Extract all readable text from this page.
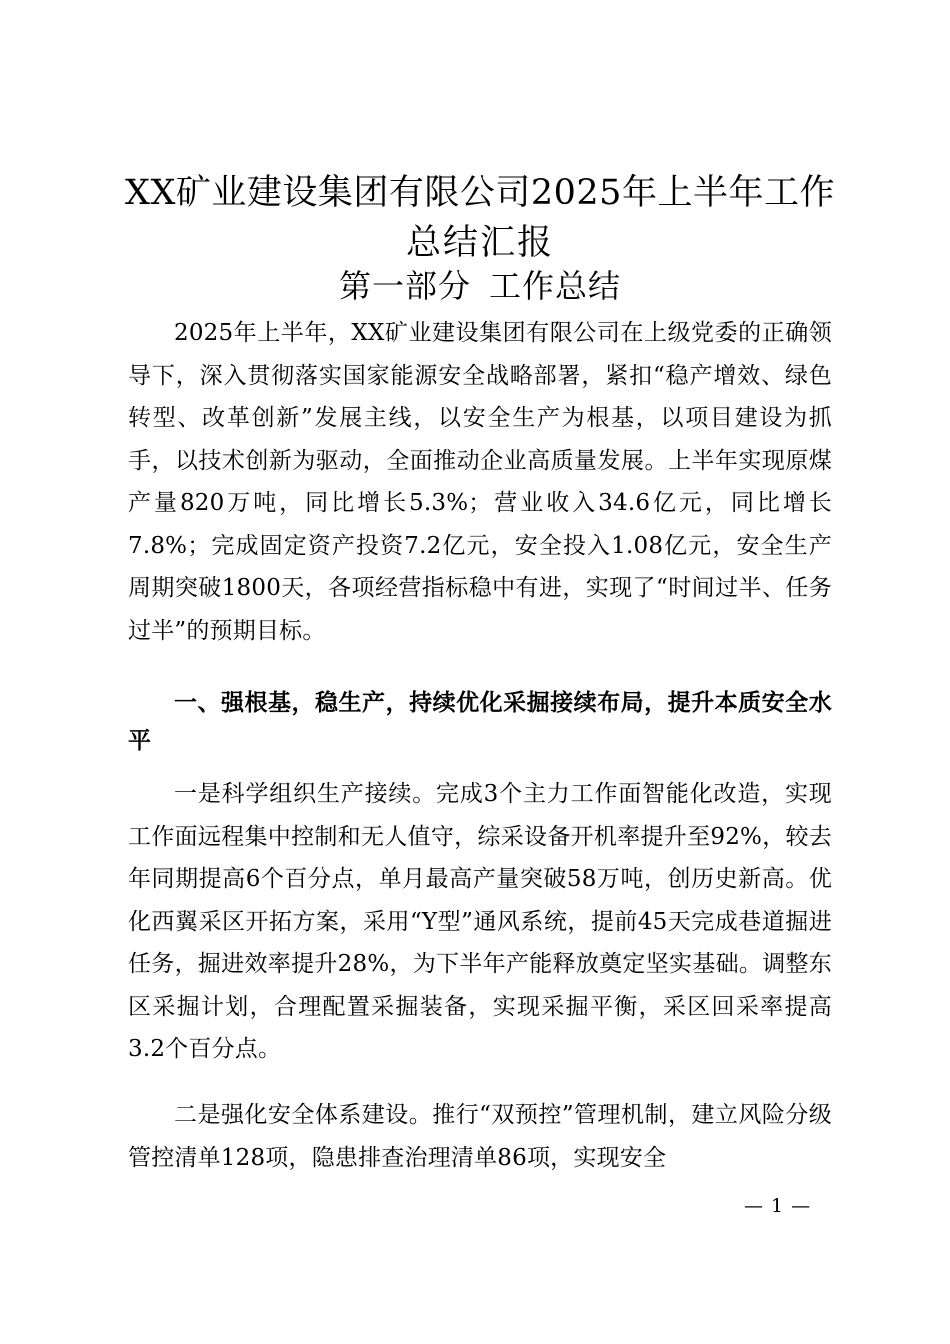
XX矿业建设集团有限公司2025年上半年工作
总结汇报
第一部分 工作总结

2025年上半年，XX矿业建设集团有限公司在上级党委的正确领导下，深入贯彻落实国家能源安全战略部署，紧扣“稳产增效、绿色转型、改革创新”发展主线，以安全生产为根基，以项目建设为抓手，以技术创新为驱动，全面推动企业高质量发展。上半年实现原煤产量820万吨，同比增长5.3%；营业收入34.6亿元，同比增长7.8%；完成固定资产投资7.2亿元，安全投入1.08亿元，安全生产周期突破1800天，各项经营指标稳中有进，实现了“时间过半、任务过半”的预期目标。

一、强根基，稳生产，持续优化采掘接续布局，提升本质安全水平

一是科学组织生产接续。完成3个主力工作面智能化改造，实现工作面远程集中控制和无人值守，综采设备开机率提升至92%，较去年同期提高6个百分点，单月最高产量突破58万吨，创历史新高。优化西翼采区开拓方案，采用“Y型”通风系统，提前45天完成巷道掘进任务，掘进效率提升28%，为下半年产能释放奠定坚实基础。调整东区采掘计划，合理配置采掘装备，实现采掘平衡，采区回采率提高3.2个百分点。

二是强化安全体系建设。推行“双预控”管理机制，建立风险分级管控清单128项，隐患排查治理清单86项，实现安全

— 1 —
